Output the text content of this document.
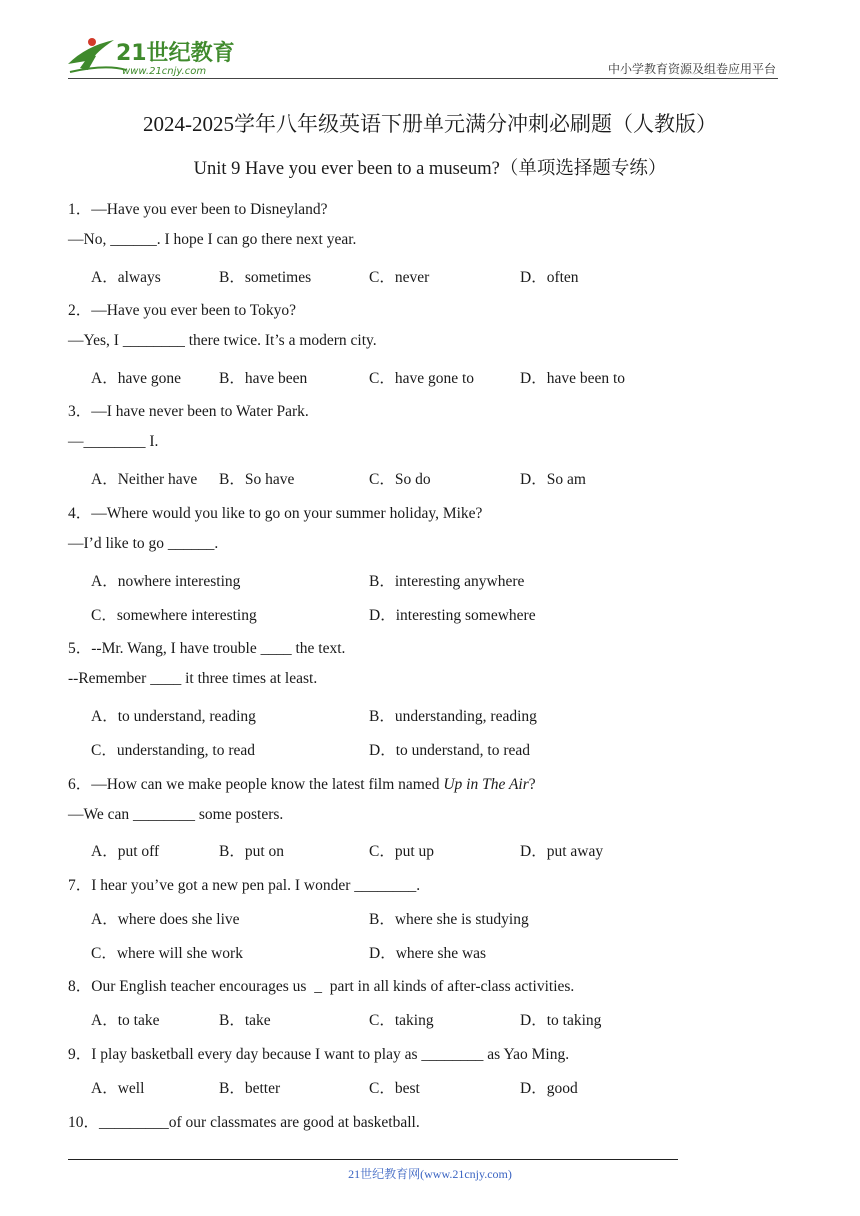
21世纪教育
www.21cnjy.com	中小学教育资源及组卷应用平台
2024-2025学年八年级英语下册单元满分冲刺必刷题（人教版）
Unit 9 Have you ever been to a museum?（单项选择题专练）
1．—Have you ever been to Disneyland?
—No, ______. I hope I can go there next year.
A．always	B．sometimes	C．never	D．often
2．—Have you ever been to Tokyo?
—Yes, I ________ there twice. It’s a modern city.
A．have gone B．have been	C．have gone to	D．have been to
3．—I have never been to Water Park.
—________ I.
A．Neither have B．So have	C．So do	D．So am
4．—Where would you like to go on your summer holiday, Mike?
—I’d like to go ______.
A．nowhere interesting	B．interesting anywhere
C．somewhere interesting	D．interesting somewhere
5．--Mr. Wang, I have trouble ____ the text.
--Remember ____ it three times at least.
A．to understand, reading	B．understanding, reading
C．understanding, to read	D．to understand, to read
6．—How can we make people know the latest film named Up in The Air?
—We can ________ some posters.
A．put off	B．put on	C．put up	D．put away
7．I hear you’ve got a new pen pal. I wonder ________.
A．where does she live	B．where she is studying
C．where will she work	D．where she was
8．Our English teacher encourages us  _  part in all kinds of after-class activities.
A．to take	B．take	C．taking	D．to taking
9．I play basketball every day because I want to play as ________ as Yao Ming.
A．well	B．better	C．best	D．good
10．_________of our classmates are good at basketball.
21世纪教育网(www.21cnjy.com)
